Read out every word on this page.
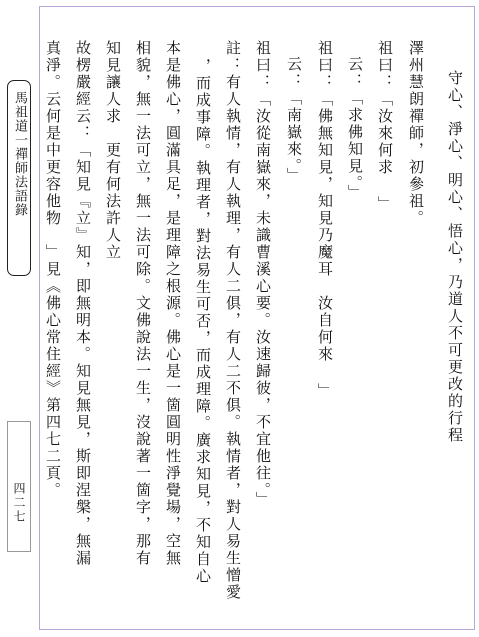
馬祖道一禪師法語錄
四二七
守心、淨心、明心、悟心，乃道人不可更改的行程
澤州慧朗禪師，初參祖。
祖曰：「汝來何求 」
云：「求佛知見。」
祖曰：「佛無知見，知見乃魔耳　汝自何來 」
云：「南嶽來。」
祖曰：「汝從南嶽來，未識曹溪心要。汝速歸彼，不宜他往。」
註：有人執情，有人執理，有人二俱，有人二不俱。執情者，對人易生憎愛
，而成事障。執理者，對法易生可否，而成理障。廣求知見，不知自心
本是佛心，圓滿具足，是理障之根源。佛心是一箇圓明性淨覺場，空無
相貌，無一法可立，無一法可除。文佛說法一生，沒說著一箇字，那有
知見讓人求　更有何法許人立
故楞嚴經云：「知見『立』知，即無明本。知見無見，斯即涅槃，無漏
真淨。云何是中更容他物　」見《佛心常住經》第四七二頁。
